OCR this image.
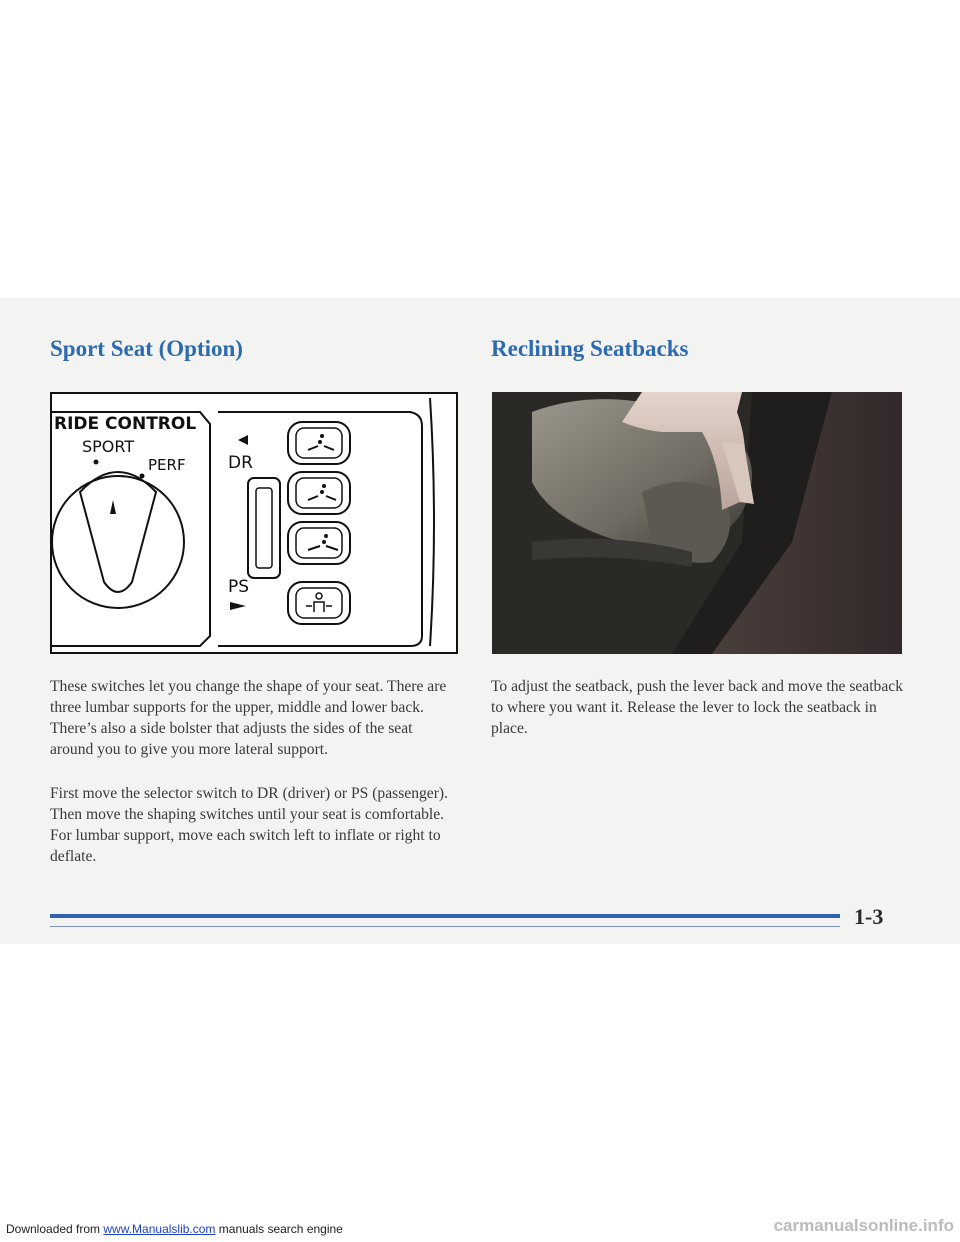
Sport Seat (Option)	Reclining Seatbacks
RIDE CONTROL
SPORT
PERF DR
PS

These switches let you change the shape of your seat. There are three lumbar supports for the upper, middle and lower back. There’s also a side bolster that adjusts the sides of the seat around you to give you more lateral support.

First move the selector switch to DR (driver) or PS (passenger). Then move the shaping switches until your seat is comfortable. For lumbar support, move each switch left to inflate or right to deflate.

To adjust the seatback, push the lever back and move the seatback to where you want it. Release the lever to lock the seatback in place.

1-3
Downloaded from www.Manualslib.com manuals search engine	carmanualsonline.info
